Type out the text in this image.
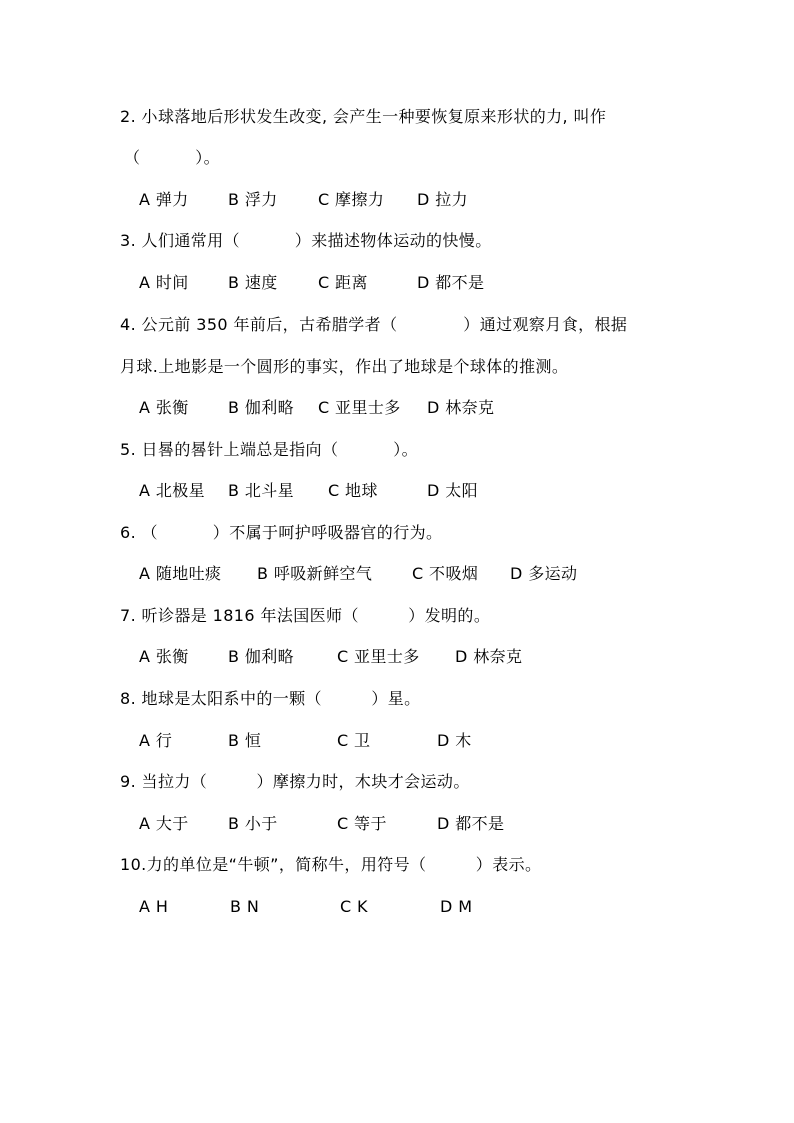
2. 小球落地后形状发生改变, 会产生一种要恢复原来形状的力, 叫作
（          ）。
A 弹力 B 浮力	C 摩擦力 D 拉力
3. 人们通常用（          ）来描述物体运动的快慢。
A 时间 B 速度	C 距离	D 都不是
4. 公元前 350 年前后，古希腊学者（            ）通过观察月食，根据
月球.上地影是一个圆形的事实，作出了地球是个球体的推测。
A 张衡 B 伽利略 C 亚里士多 D 林奈克
5. 日晷的晷针上端总是指向（          ）。
A 北极星 B 北斗星 C 地球	D 太阳
6. （          ）不属于呵护呼吸器官的行为。
A 随地吐痰 B 呼吸新鲜空气 C 不吸烟 D 多运动
7. 听诊器是 1816 年法国医师（         ）发明的。
A 张衡 B 伽利略	C 亚里士多 D 林奈克
8. 地球是太阳系中的一颗（         ）星。
A 行	B 恒	C 卫	D 木
9. 当拉力（         ）摩擦力时，木块才会运动。
A 大于 B 小于	C 等于	D 都不是
10.力的单位是“牛顿”，简称牛，用符号（         ）表示。
A H	B N	C K	D M
